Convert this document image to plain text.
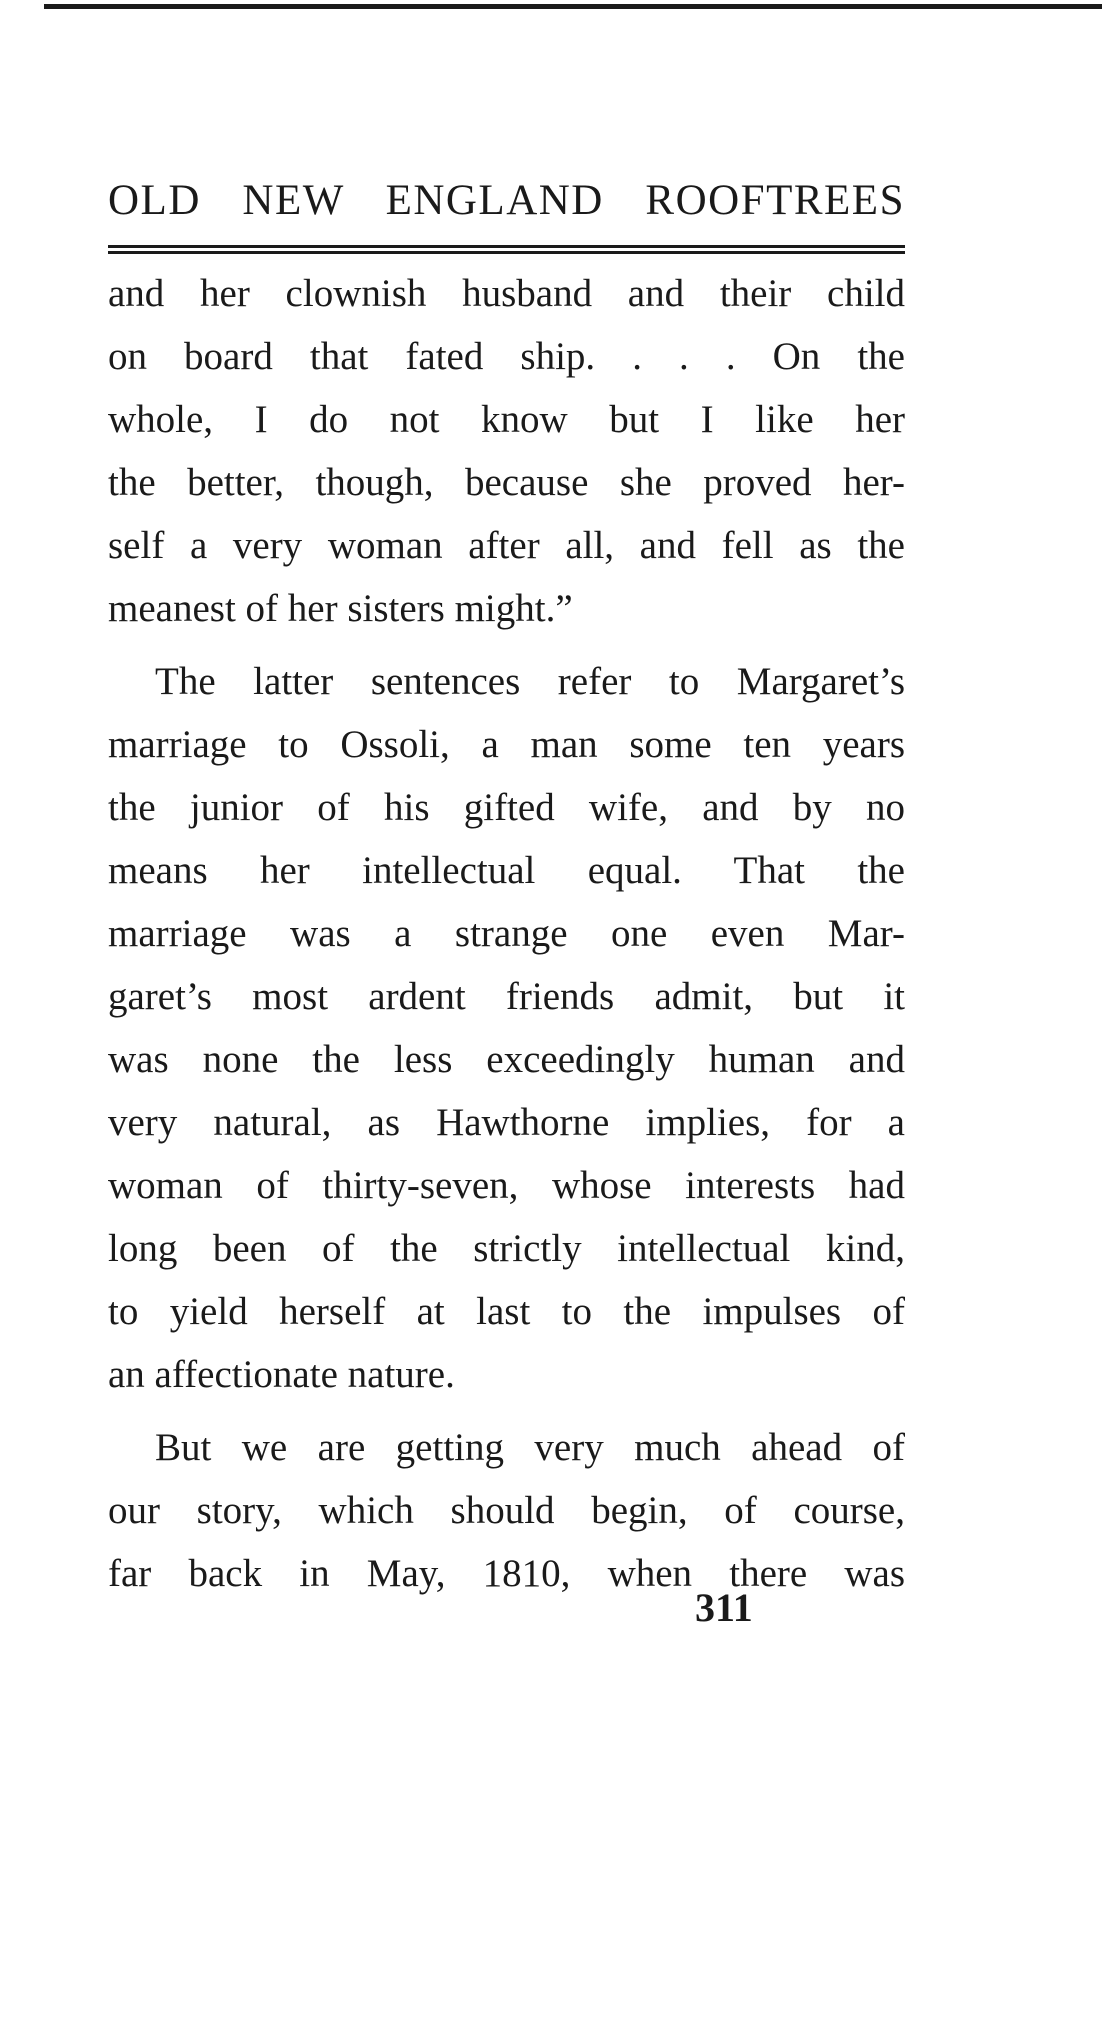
OLD NEW ENGLAND ROOFTREES
and her clownish husband and their child
on board that fated ship. . . . On the
whole, I do not know but I like her
the better, though, because she proved her-
self a very woman after all, and fell as the
meanest of her sisters might.”
The latter sentences refer to Margaret’s
marriage to Ossoli, a man some ten years
the junior of his gifted wife, and by no
means her intellectual equal. That the
marriage was a strange one even Mar-
garet’s most ardent friends admit, but it
was none the less exceedingly human and
very natural, as Hawthorne implies, for a
woman of thirty-seven, whose interests had
long been of the strictly intellectual kind,
to yield herself at last to the impulses of
an affectionate nature.
But we are getting very much ahead of
our story, which should begin, of course,
far back in May, 1810, when there was
311
